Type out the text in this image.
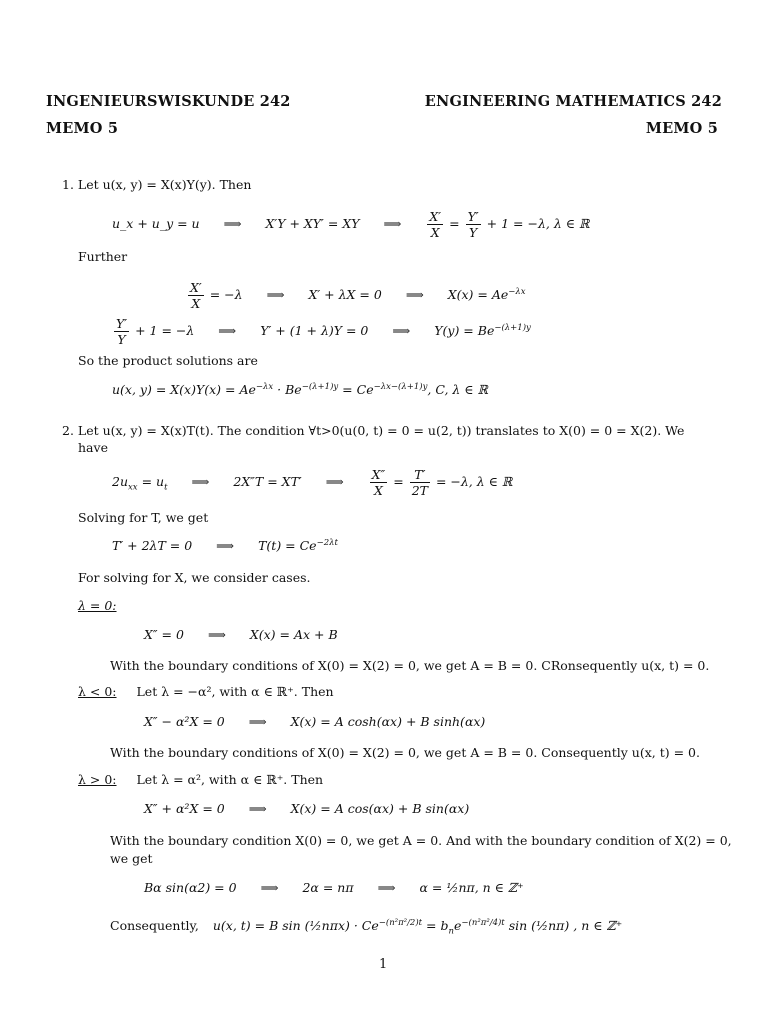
INGENIEURSWISKUNDE 242	ENGINEERING MATHEMATICS 242
MEMO 5	MEMO 5
1. Let u(x, y) = X(x)Y(y). Then
u_x + u_y = u ⟹ X′Y + XY′ = XY ⟹ $\frac{X'}{X} = \frac{Y'}{Y} + 1 = -\lambda$, λ ∈ ℝ
Further
$\frac{X'}{X} = -\lambda$ ⟹ X′ + λX = 0 ⟹ $X(x) = Ae^{-\lambda x}$
$\frac{Y'}{Y} + 1 = -\lambda$ ⟹ Y′ + (1 + λ)Y = 0 ⟹ $Y(y) = Be^{-(\lambda+1)y}$
So the product solutions are
u(x, $y) = X(x)Y(x) = Ae^{-\lambda x} \cdot Be^{-(\lambda+1)y} = Ce^{-\lambda x-(\lambda+1)y}$, C, λ ∈ ℝ
2. Let u(x, y) = X(x)T(t). The condition ∀t>0(u(0, t) = 0 = u(2, t)) translates to X(0) = 0 = X(2). We
have
$2u_{xx} = u_t$ ⟹ 2X″T = XT′ ⟹ $\frac{X''}{X} = \frac{T'}{2T} = -\lambda$, λ ∈ ℝ
Solving for T, we get
T′ + 2λT = 0 ⟹ $T(t) = Ce^{-2\lambda t}$
For solving for X, we consider cases.
λ = 0:
X″ = 0 ⟹ X(x) = Ax + B
With the boundary conditions of X(0) = X(2) = 0, we get A = B = 0. CRonsequently u(x, t) = 0.
λ < 0: Let λ = −α², with α ∈ ℝ⁺. Then
X″ − α²X = 0 ⟹ X(x) = A cosh(αx) + B sinh(αx)
With the boundary conditions of X(0) = X(2) = 0, we get A = B = 0. Consequently u(x, t) = 0.
λ > 0: Let λ = α², with α ∈ ℝ⁺. Then
X″ + α²X = 0 ⟹ X(x) = A cos(αx) + B sin(αx)
With the boundary condition X(0) = 0, we get A = 0. And with the boundary condition of X(2) = 0,
we get
Bα sin(α2) = 0 ⟹ 2α = nπ ⟹ α = ½nπ, n ∈ ℤ⁺
Consequently, u(x, t) = B sin (½nπx) · $Ce^{-(n^2\pi^2/2)t} = b_ne^{-(n^2\pi^2/4)t}$ sin (½nπ) , n ∈ ℤ⁺
1
